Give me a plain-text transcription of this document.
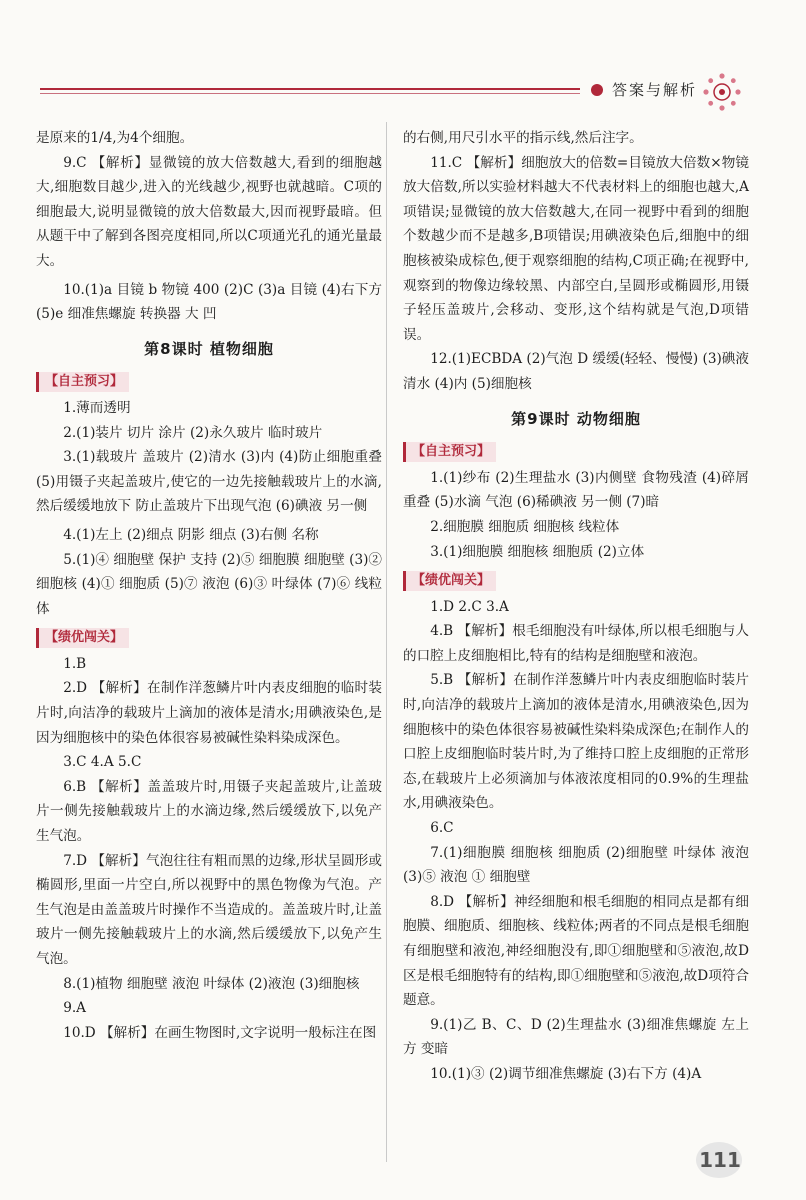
答案与解析

是原来的1/4,为4个细胞。

9.C 【解析】显微镜的放大倍数越大,看到的细胞越大,细胞数目越少,进入的光线越少,视野也就越暗。C项的细胞最大,说明显微镜的放大倍数最大,因而视野最暗。但从题干中了解到各图亮度相同,所以C项通光孔的通光量最大。

10.(1)a 目镜 b 物镜 400 (2)C (3)a 目镜 (4)右下方 (5)e 细准焦螺旋 转换器 大 凹

第8课时 植物细胞
【 自主预习 】

1.薄而透明

2.(1)装片 切片 涂片 (2)永久玻片 临时玻片

3.(1)载玻片 盖玻片 (2)清水 (3)内 (4)防止细胞重叠 (5)用镊子夹起盖玻片,使它的一边先接触载玻片上的水滴,然后缓缓地放下 防止盖玻片下出现气泡 (6)碘液 另一侧

4.(1)左上 (2)细点 阴影 细点 (3)右侧 名称

5.(1)④ 细胞壁 保护 支持 (2)⑤ 细胞膜 细胞壁 (3)② 细胞核 (4)① 细胞质 (5)⑦ 液泡 (6)③ 叶绿体 (7)⑥ 线粒体

【 绩优闯关 】

1.B

2.D 【解析】在制作洋葱鳞片叶内表皮细胞的临时装片时,向洁净的载玻片上滴加的液体是清水;用碘液染色,是因为细胞核中的染色体很容易被碱性染料染成深色。

3.C 4.A 5.C

6.B 【解析】盖盖玻片时,用镊子夹起盖玻片,让盖玻片一侧先接触载玻片上的水滴边缘,然后缓缓放下,以免产生气泡。

7.D 【解析】气泡往往有粗而黑的边缘,形状呈圆形或椭圆形,里面一片空白,所以视野中的黑色物像为气泡。产生气泡是由盖盖玻片时操作不当造成的。盖盖玻片时,让盖玻片一侧先接触载玻片上的水滴,然后缓缓放下,以免产生气泡。

8.(1)植物 细胞壁 液泡 叶绿体 (2)液泡 (3)细胞核

9.A

10.D 【解析】在画生物图时,文字说明一般标注在图

的右侧,用尺引水平的指示线,然后注字。

11.C 【解析】细胞放大的倍数=目镜放大倍数×物镜放大倍数,所以实验材料越大不代表材料上的细胞也越大,A项错误;显微镜的放大倍数越大,在同一视野中看到的细胞个数越少而不是越多,B项错误;用碘液染色后,细胞中的细胞核被染成棕色,便于观察细胞的结构,C项正确;在视野中,观察到的物像边缘较黑、内部空白,呈圆形或椭圆形,用镊子轻压盖玻片,会移动、变形,这个结构就是气泡,D项错误。

12.(1)ECBDA (2)气泡 D 缓缓(轻轻、慢慢) (3)碘液 清水 (4)内 (5)细胞核

第9课时 动物细胞
【 自主预习 】

1.(1)纱布 (2)生理盐水 (3)内侧壁 食物残渣 (4)碎屑 重叠 (5)水滴 气泡 (6)稀碘液 另一侧 (7)暗

2.细胞膜 细胞质 细胞核 线粒体

3.(1)细胞膜 细胞核 细胞质 (2)立体

【 绩优闯关 】

1.D 2.C 3.A

4.B 【解析】根毛细胞没有叶绿体,所以根毛细胞与人的口腔上皮细胞相比,特有的结构是细胞壁和液泡。

5.B 【解析】在制作洋葱鳞片叶内表皮细胞临时装片时,向洁净的载玻片上滴加的液体是清水,用碘液染色,因为细胞核中的染色体很容易被碱性染料染成深色;在制作人的口腔上皮细胞临时装片时,为了维持口腔上皮细胞的正常形态,在载玻片上必须滴加与体液浓度相同的0.9%的生理盐水,用碘液染色。

6.C

7.(1)细胞膜 细胞核 细胞质 (2)细胞壁 叶绿体 液泡 (3)⑤ 液泡 ① 细胞壁

8.D 【解析】神经细胞和根毛细胞的相同点是都有细胞膜、细胞质、细胞核、线粒体;两者的不同点是根毛细胞有细胞壁和液泡,神经细胞没有,即①细胞壁和⑤液泡,故D区是根毛细胞特有的结构,即①细胞壁和⑤液泡,故D项符合题意。

9.(1)乙 B、C、D (2)生理盐水 (3)细准焦螺旋 左上方 变暗

10.(1)③ (2)调节细准焦螺旋 (3)右下方 (4)A

111
